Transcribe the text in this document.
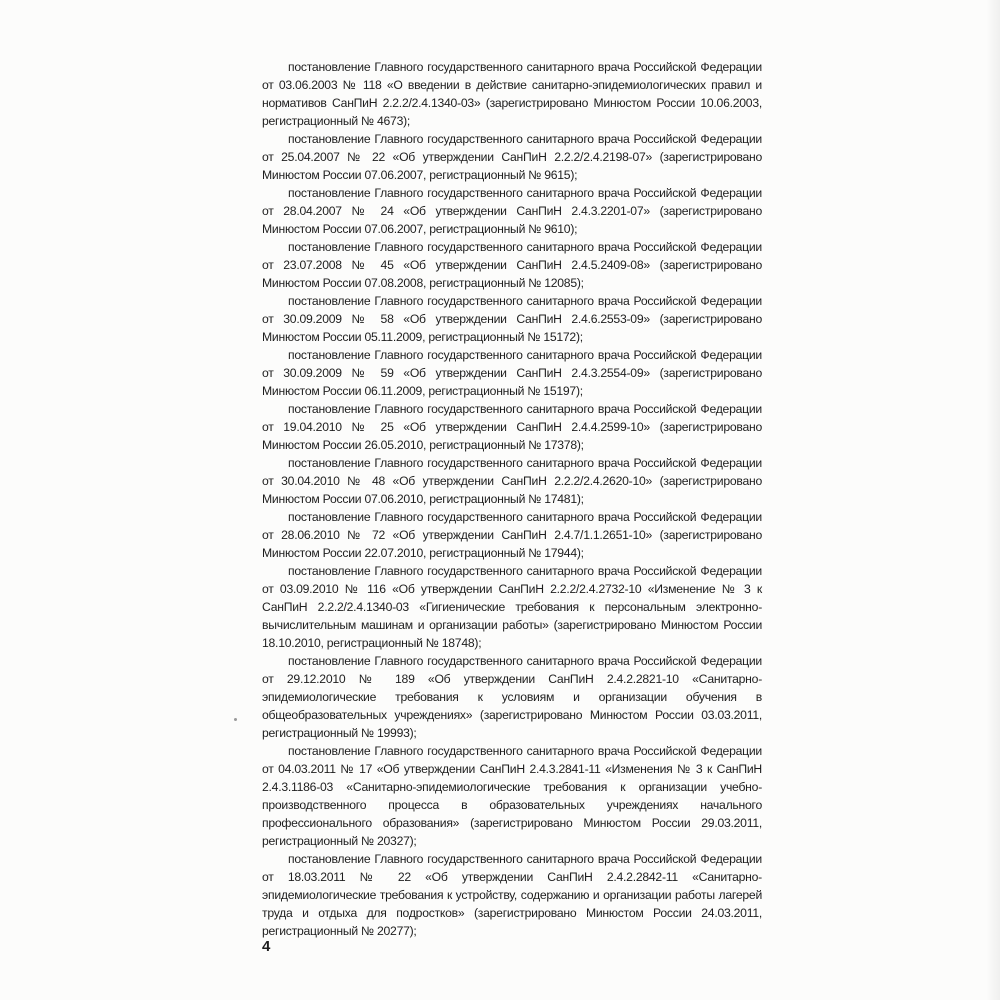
постановление Главного государственного санитарного врача Российской Федерации от 03.06.2003 № 118 «О введении в действие санитарно-эпидемиологических правил и нормативов СанПиН 2.2.2/2.4.1340-03» (зарегистрировано Минюстом России 10.06.2003, регистрационный № 4673);

постановление Главного государственного санитарного врача Российской Федерации от 25.04.2007 № 22 «Об утверждении СанПиН 2.2.2/2.4.2198-07» (зарегистрировано Минюстом России 07.06.2007, регистрационный № 9615);

постановление Главного государственного санитарного врача Российской Федерации от 28.04.2007 № 24 «Об утверждении СанПиН 2.4.3.2201-07» (зарегистрировано Минюстом России 07.06.2007, регистрационный № 9610);

постановление Главного государственного санитарного врача Российской Федерации от 23.07.2008 № 45 «Об утверждении СанПиН 2.4.5.2409-08» (зарегистрировано Минюстом России 07.08.2008, регистрационный № 12085);

постановление Главного государственного санитарного врача Российской Федерации от 30.09.2009 № 58 «Об утверждении СанПиН 2.4.6.2553-09» (зарегистрировано Минюстом России 05.11.2009, регистрационный № 15172);

постановление Главного государственного санитарного врача Российской Федерации от 30.09.2009 № 59 «Об утверждении СанПиН 2.4.3.2554-09» (зарегистрировано Минюстом России 06.11.2009, регистрационный № 15197);

постановление Главного государственного санитарного врача Российской Федерации от 19.04.2010 № 25 «Об утверждении СанПиН 2.4.4.2599-10» (зарегистрировано Минюстом России 26.05.2010, регистрационный № 17378);

постановление Главного государственного санитарного врача Российской Федерации от 30.04.2010 № 48 «Об утверждении СанПиН 2.2.2/2.4.2620-10» (зарегистрировано Минюстом России 07.06.2010, регистрационный № 17481);

постановление Главного государственного санитарного врача Российской Федерации от 28.06.2010 № 72 «Об утверждении СанПиН 2.4.7/1.1.2651-10» (зарегистрировано Минюстом России 22.07.2010, регистрационный № 17944);

постановление Главного государственного санитарного врача Российской Федерации от 03.09.2010 № 116 «Об утверждении СанПиН 2.2.2/2.4.2732-10 «Изменение № 3 к СанПиН 2.2.2/2.4.1340-03 «Гигиенические требования к персональным электронно-вычислительным машинам и организации работы» (зарегистрировано Минюстом России 18.10.2010, регистрационный № 18748);

постановление Главного государственного санитарного врача Российской Федерации от 29.12.2010 № 189 «Об утверждении СанПиН 2.4.2.2821-10 «Санитарно-эпидемиологические требования к условиям и организации обучения в общеобразовательных учреждениях» (зарегистрировано Минюстом России 03.03.2011, регистрационный № 19993);

постановление Главного государственного санитарного врача Российской Федерации от 04.03.2011 № 17 «Об утверждении СанПиН 2.4.3.2841-11 «Изменения № 3 к СанПиН 2.4.3.1186-03 «Санитарно-эпидемиологические требования к организации учебно-производственного процесса в образовательных учреждениях начального профессионального образования» (зарегистрировано Минюстом России 29.03.2011, регистрационный № 20327);

постановление Главного государственного санитарного врача Российской Федерации от 18.03.2011 № 22 «Об утверждении СанПиН 2.4.2.2842-11 «Санитарно-эпидемиологические требования к устройству, содержанию и организации работы лагерей труда и отдыха для подростков» (зарегистрировано Минюстом России 24.03.2011, регистрационный № 20277);

4
